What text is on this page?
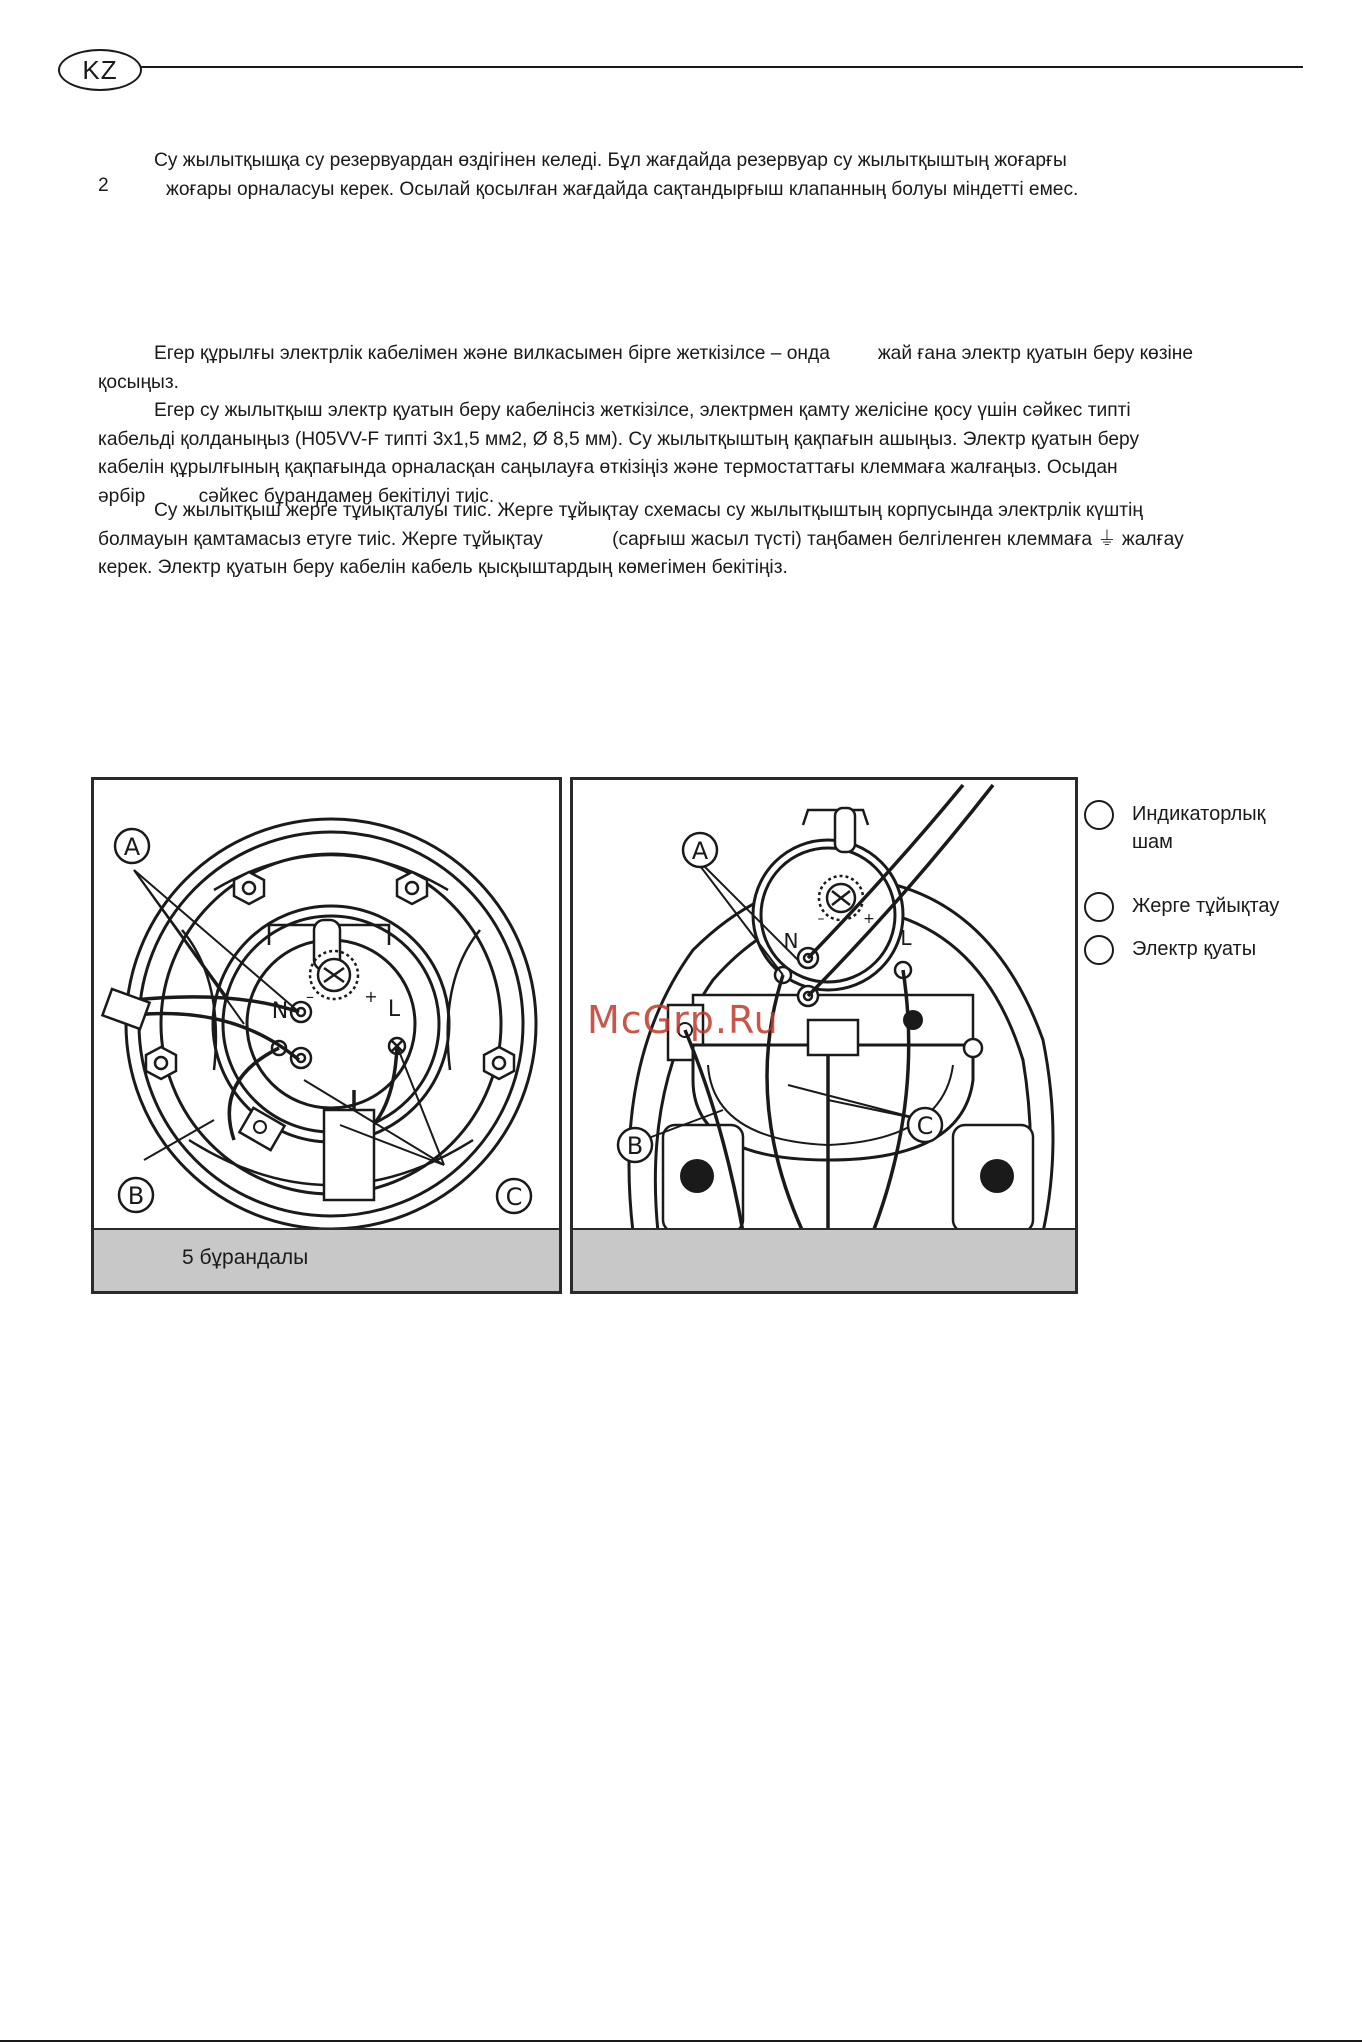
KZ
Су жылытқышқа су резервуардан өздігінен келеді. Бұл жағдайда резервуар су жылытқыштың жоғарғы
жоғары орналасуы керек. Осылай қосылған жағдайда сақтандырғыш клапанның болуы міндетті емес.
2
Егер құрылғы электрлік кабелімен және вилкасымен бірге жеткізілсе – онда         жай ғана электр қуатын беру көзіне
қосыңыз.
Егер су жылытқыш электр қуатын беру кабелінсіз жеткізілсе, электрмен қамту желісіне қосу үшін сәйкес типті
кабельді қолданыңыз (H05VV-F типті 3x1,5 мм2, Ø 8,5 мм). Су жылытқыштың қақпағын ашыңыз. Электр қуатын беру
кабелін құрылғының қақпағында орналасқан саңылауға өткізіңіз және термостаттағы клеммаға жалғаңыз. Осыдан
әрбір          сәйкес бұрандамен бекітілуі тиіс.
Су жылытқыш жерге тұйықталуы тиіс. Жерге тұйықтау схемасы су жылытқыштың корпусында электрлік күштің
болмауын қамтамасыз етуге тиіс. Жерге тұйықтау             (сарғыш жасыл түсті) таңбамен белгіленген клеммаға ⏚ жалғау
керек. Электр қуатын беру кабелін кабель қысқыштардың көмегімен бекітіңіз.
A
B	C
N	L
–	+
5 бұрандалы
A
B
C
N	L
–	+
Индикаторлық
шам
Жерге тұйықтау
Электр қуаты
McGrp.Ru
